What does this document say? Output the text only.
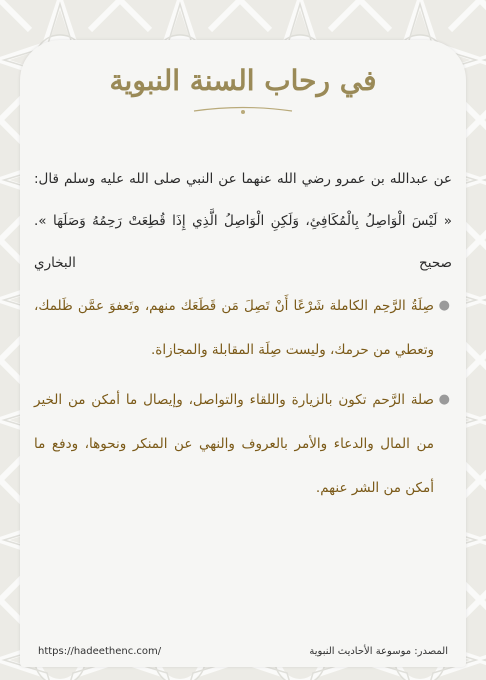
في رحاب السنة النبوية

عن عبدالله بن عمرو رضي الله عنهما عن النبي صلى الله عليه وسلم قال: « لَيْسَ الْوَاصِلُ بِالْمُكَافِئِ، وَلَكِنِ الْوَاصِلُ الَّذِي إِذَا قُطِعَتْ رَحِمُهُ وَصَلَهَا ». صحيح البخاري

●
صِلَةُ الرَّحِم الكاملة شَرْعًا أَنْ تَصِلَ مَن قَطَعَك منهم، وتَعفوَ عمَّن ظَلمك، وتعطي من حرمك، وليست صِلَة المقابلة والمجازاة.

●
صلة الرَّحم تكون بالزيارة واللقاء والتواصل، وإيصال ما أمكن من الخير من المال والدعاء والأمر بالعروف والنهي عن المنكر ونحوها، ودفع ما أمكن من الشر عنهم.

https://hadeethenc.com/	المصدر: موسوعة الأحاديث النبوية
